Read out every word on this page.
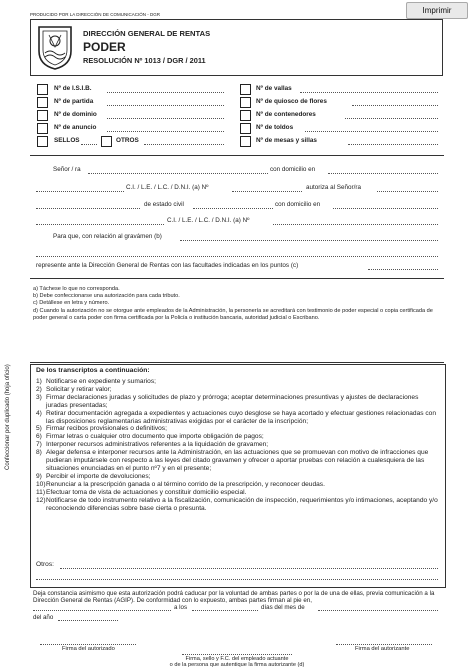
PRODUCIDO POR LA DIRECCIÓN DE COMUNICACIÓN - DGR	Imprimir
DIRECCIÓN GENERAL DE RENTAS
PODER
RESOLUCIÓN Nº 1013 / DGR / 2011
Nº de I.S.I.B.
Nº de partida
Nº de dominio
Nº de anuncio
SELLOS	OTROS
Nº de vallas
Nº de quiosco de flores
Nº de contenedores
Nº de toldos
Nº de mesas y sillas
Señor / ra	con domicilio en
C.I. / L.E. / L.C. / D.N.I. (a) Nº	autoriza al Señor/ra
de estado civil	con domicilio en
C.I. / L.E. / L.C. / D.N.I. (a) Nº
Para que, con relación al gravámen (b)
represente ante la Dirección General de Rentas con las facultades indicadas en los puntos (c)
a) Táchese lo que no corresponda.
b) Debe confeccionarse una autorización para cada tributo.
c) Detállese en letra y número.
d) Cuando la autorización no se otorgue ante empleados de la Administración, la personería se acreditará con testimonio de poder especial o copia certificada de poder general o carta poder con firma certificada por la Policía o institución bancaria, autoridad judicial o Escribano.
De los transcriptos a continuación:
1) Notificarse en expediente y sumarios;
2) Solicitar y retirar valor;
3) Firmar declaraciones juradas y solicitudes de plazo y prórroga; aceptar determinaciones presuntivas y ajustes de declaraciones juradas presentadas;
4) Retirar documentación agregada a expedientes y actuaciones cuyo desglose se haya acortado y efectuar gestiones relacionadas con las disposiciones reglamentarias administrativas exigidas por el carácter de la inscripción;
5) Firmar recibos provisionales o definitivos;
6) Firmar letras o cualquier otro documento que importe obligación de pagos;
7) Interponer recursos administrativos referentes a la liquidación de gravamen;
8) Alegar defensa e interponer recursos ante la Administración, en las actuaciones que se promuevan con motivo de infracciones que pudieran imputársele con respecto a las leyes del citado gravamen y ofrecer o aportar pruebas con relación a cualesquiera de las situaciones enunciadas en el punto nº7 y en el presente;
9) Percibir el importe de devoluciones;
10) Renunciar a la prescripción ganada o al término corrido de la prescripción, y reconocer deudas.
11) Efectuar toma de vista de actuaciones y constituir domicilio especial.
12) Notificarse de todo instrumento relativo a la fiscalización, comunicación de inspección, requerimientos y/o intimaciones, aceptando y/o reconociendo diferencias sobre base cierta o presunta.
Otros:
Confeccionar por duplicado (hoja oficio)
Deja constancia asimismo que esta autorización podrá caducar por la voluntad de ambas partes o por la de una de ellas, previa comunicación a la Dirección General de Rentas (AGIP). De conformidad con lo expuesto, ambas partes firman al pie en,
a los	días del mes de
del año
Firma del autorizado	Firma del autorizante
Firma, sello y F.C. del empleado actuante
o de la persona que autentique la firma autorizante (d)
